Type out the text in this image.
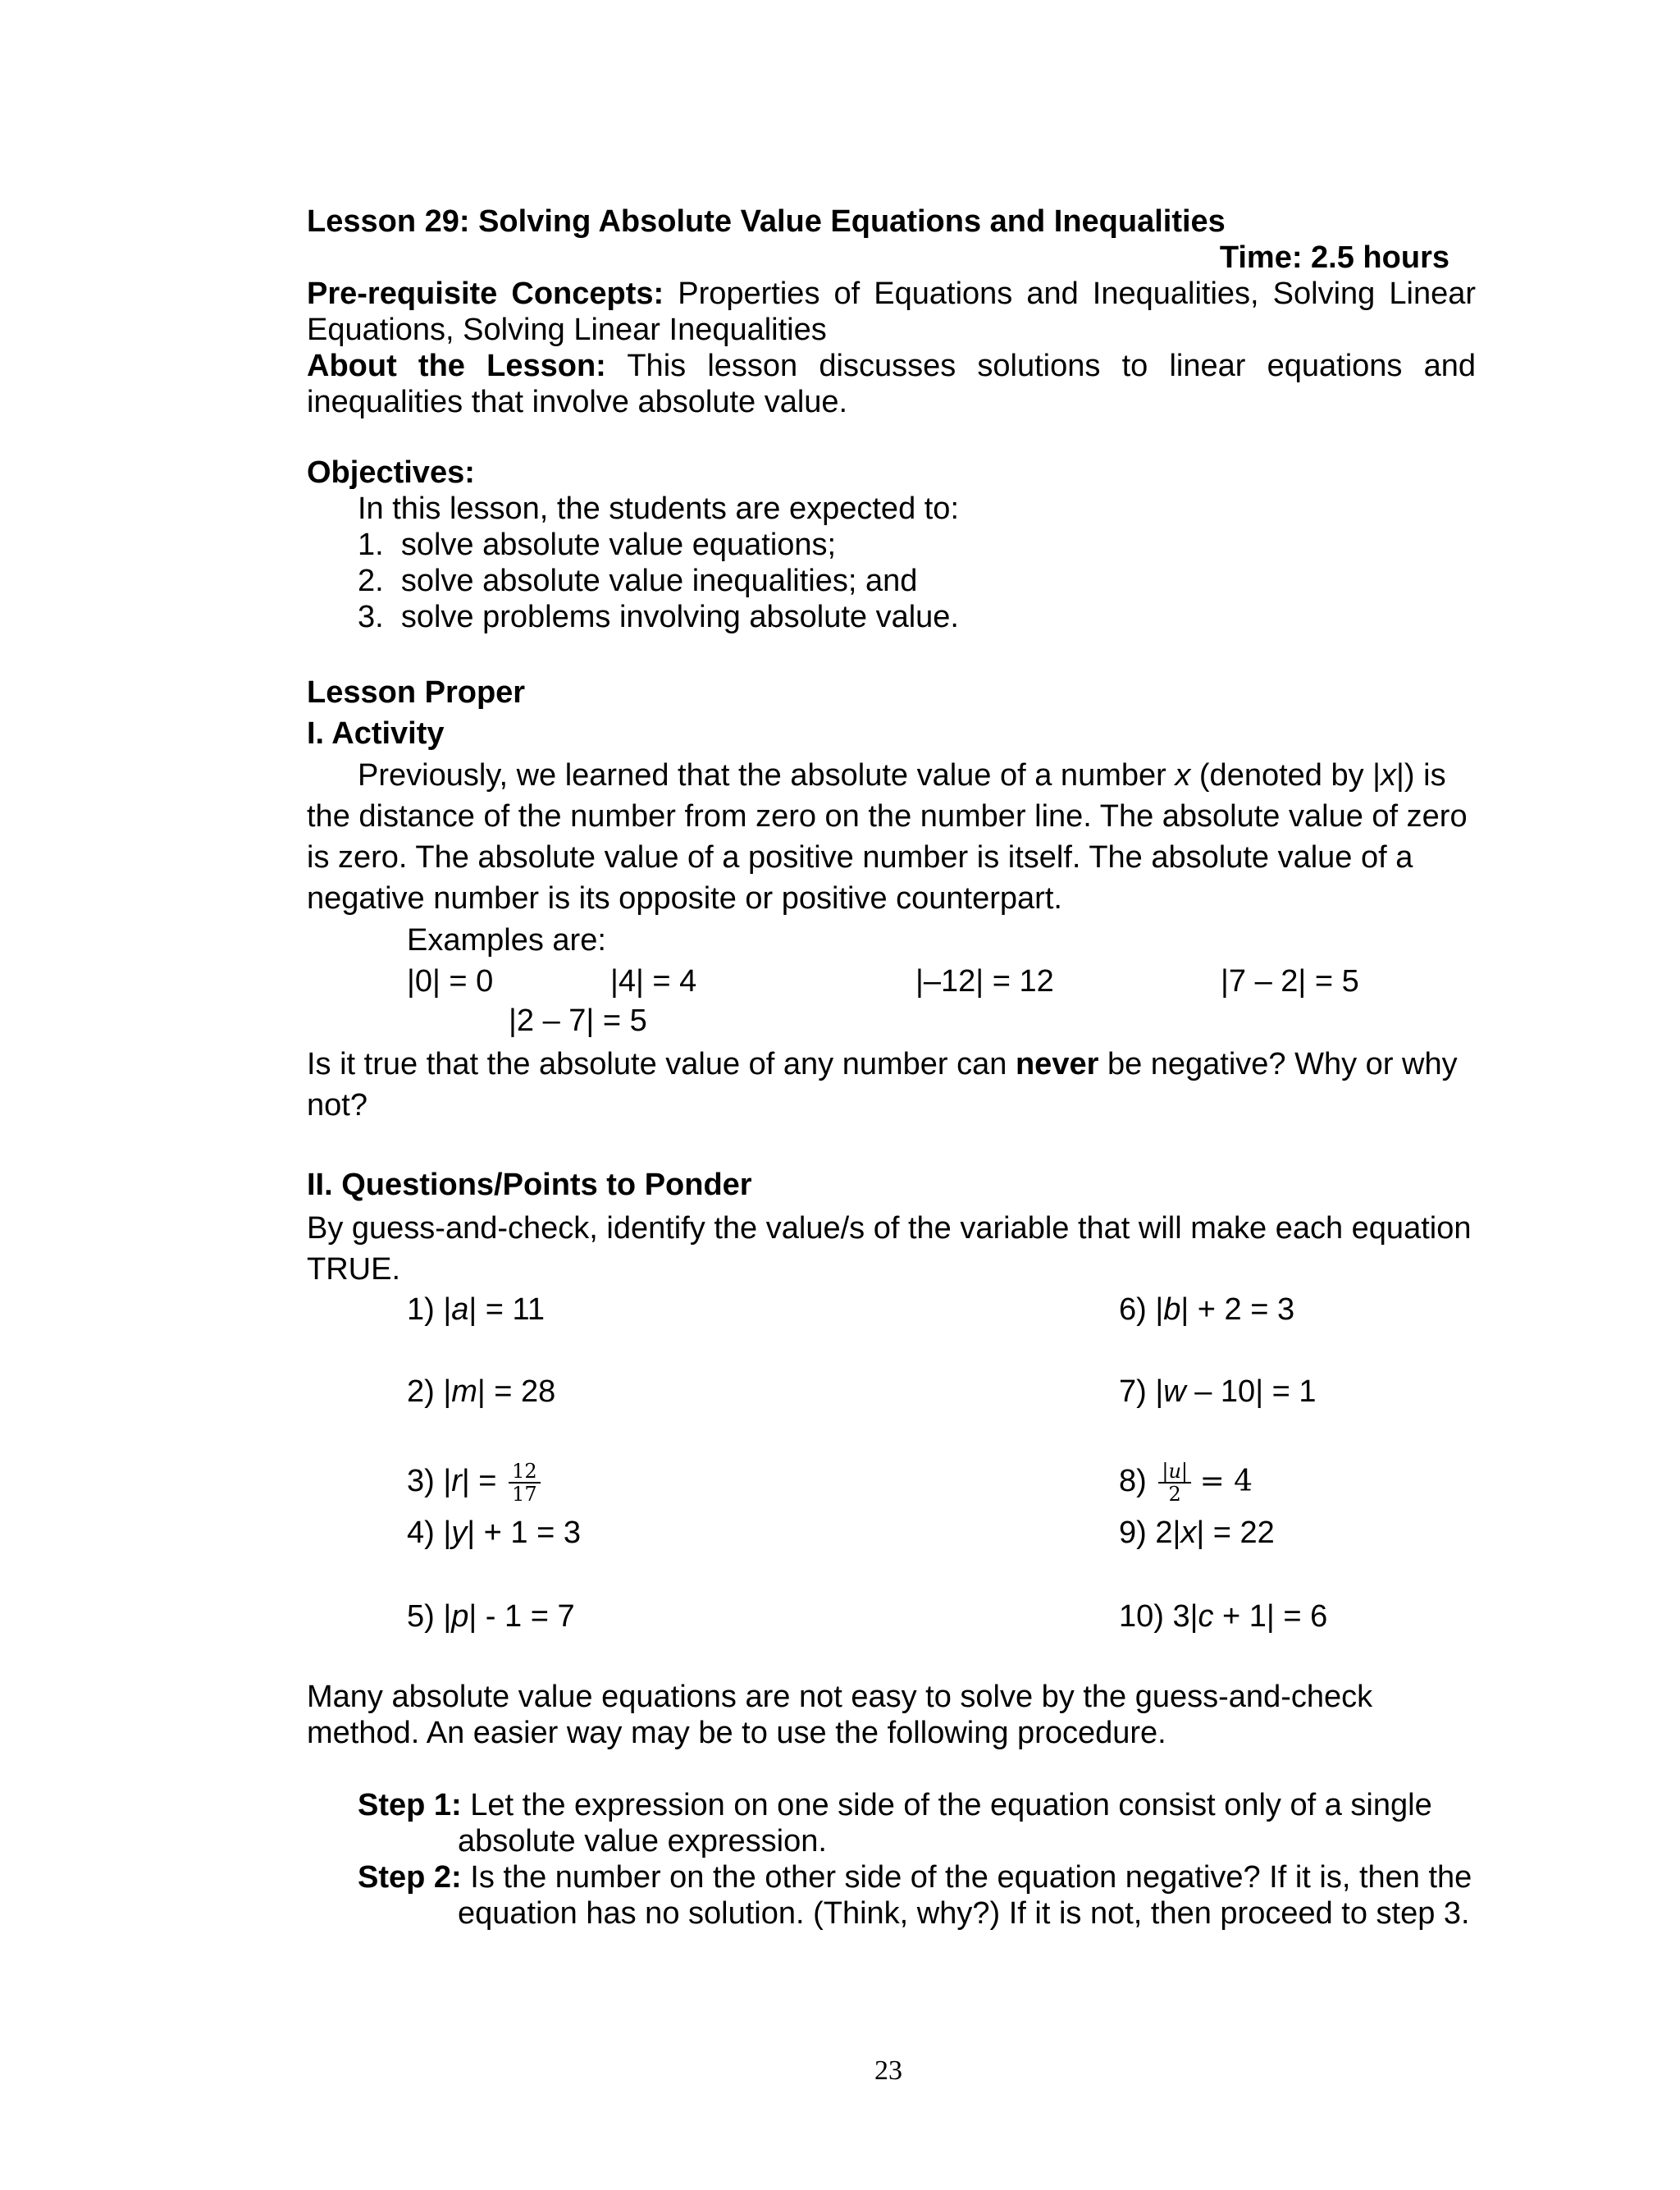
Lesson 29: Solving Absolute Value Equations and Inequalities
Time: 2.5 hours
Pre-requisite Concepts: Properties of Equations and Inequalities, Solving Linear Equations, Solving Linear Inequalities
About the Lesson: This lesson discusses solutions to linear equations and inequalities that involve absolute value.
Objectives:
In this lesson, the students are expected to:
1. solve absolute value equations;
2. solve absolute value inequalities; and
3. solve problems involving absolute value.
Lesson Proper
I. Activity
Previously, we learned that the absolute value of a number x (denoted by |x|) is the distance of the number from zero on the number line. The absolute value of zero is zero. The absolute value of a positive number is itself. The absolute value of a negative number is its opposite or positive counterpart.
Examples are:
|0| = 0	|4| = 4	|–12| = 12	|7 – 2| = 5
|2 – 7| = 5
Is it true that the absolute value of any number can never be negative? Why or why not?
II. Questions/Points to Ponder
By guess-and-check, identify the value/s of the variable that will make each equation TRUE.
1) |a| = 11
2) |m| = 28
3) $|r| = \frac{12}{17}$
4) |y| + 1 = 3
5) |p| - 1 = 7
6) |b| + 2 = 3
7) |w – 10| = 1
$8) \frac{|u|}{2} = 4$
9) 2|x| = 22
10) 3|c + 1| = 6
Many absolute value equations are not easy to solve by the guess-and-check method. An easier way may be to use the following procedure.
Step 1: Let the expression on one side of the equation consist only of a single
absolute value expression.
Step 2: Is the number on the other side of the equation negative? If it is, then the
equation has no solution. (Think, why?) If it is not, then proceed to step 3.
23
